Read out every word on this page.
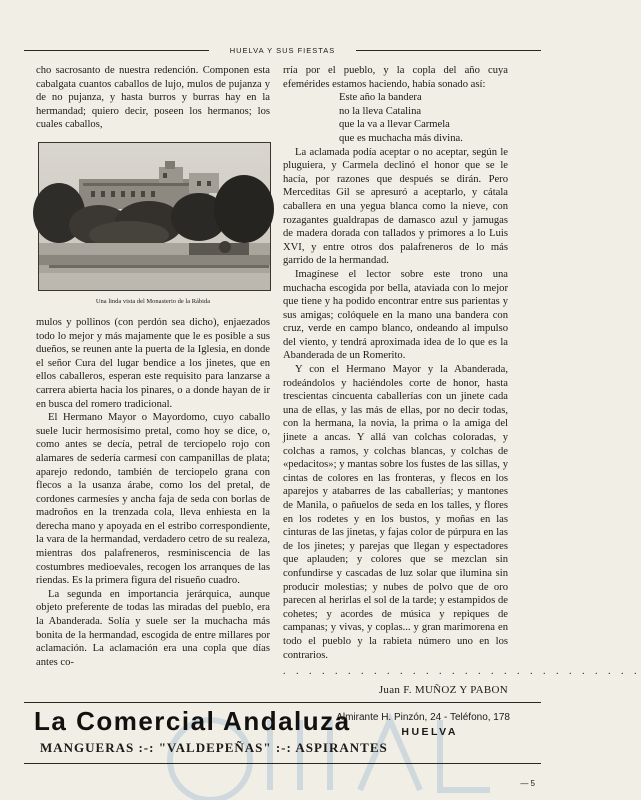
HUELVA Y SUS FIESTAS

cho sacrosanto de nuestra redención. Componen esta cabalgata cuantos caballos de lujo, mulos de pujanza y de no pujanza, y hasta burros y burras hay en la hermandad; quiero decir, poseen los hermanos; los cuales caballos,

Una linda vista del Monasterio de la Rábida

mulos y pollinos (con perdón sea dicho), enjaezados todo lo mejor y más majamente que le es posible a sus dueños, se reunen ante la puerta de la Iglesia, en donde el señor Cura del lugar bendice a los jinetes, que en ellos caballeros, esperan este requisito para lanzarse a carrera abierta hacia los pinares, o a donde hayan de ir en busca del romero tradicional.

El Hermano Mayor o Mayordomo, cuyo caballo suele lucir hermosísimo pretal, como hoy se dice, o, como antes se decía, petral de terciopelo rojo con alamares de sedería carmesí con campanillas de plata; aparejo redondo, también de terciopelo grana con flecos a la usanza árabe, como los del pretal, de cordones carmesíes y ancha faja de seda con borlas de madroños en la trenzada cola, lleva enhiesta en la derecha mano y apoyada en el estribo correspondiente, la vara de la hermandad, verdadero cetro de su realeza, mientras dos palafreneros, resminiscencia de las costumbres medioevales, recogen los arranques de las riendas. Es la primera figura del risueño cuadro.

La segunda en importancia jerárquica, aunque objeto preferente de todas las miradas del pueblo, era la Abanderada. Solía y suele ser la muchacha más bonita de la hermandad, escogida de entre millares por aclamación. La aclamación era una copla que días antes co-

rría por el pueblo, y la copla del año cuya efemérides estamos haciendo, había sonado así:

Este año la bandera
no la lleva Catalina
que la va a llevar Carmela
que es muchacha más divina.

La aclamada podía aceptar o no aceptar, según le pluguiera, y Carmela declinó el honor que se le hacía, por razones que después se dirán. Pero Merceditas Gil se apresuró a aceptarlo, y cátala caballera en una yegua blanca como la nieve, con rozagantes gualdrapas de damasco azul y jamugas de madera dorada con tallados y primores a lo Luis XVI, y entre otros dos palafreneros de lo más garrido de la hermandad.

Imagínese el lector sobre este trono una muchacha escogida por bella, ataviada con lo mejor que tiene y ha podido encontrar entre sus parientas y sus amigas; colóquele en la mano una bandera con cruz, verde en campo blanco, ondeando al impulso del viento, y tendrá aproximada idea de lo que es la Abanderada de un Romerito.

Y con el Hermano Mayor y la Abanderada, rodeándolos y haciéndoles corte de honor, hasta trescientas cincuenta caballerías con un jinete cada una de ellas, y las más de ellas, por no decir todas, con la hermana, la novia, la prima o la amiga del jinete a ancas. Y allá van colchas coloradas, y colchas a ramos, y colchas blancas, y colchas de «pedacitos»; y mantas sobre los fustes de las sillas, y cintas de colores en las fronteras, y flecos en los aparejos y atabarres de las caballerías; y mantones de Manila, o pañuelos de seda en los talles, y flores en los rodetes y en los bustos, y moñas en las cinturas de las jinetas, y fajas color de púrpura en las de los jinetes; y parejas que llegan y espectadores que aplauden; y colores que se mezclan sin confundirse y cascadas de luz solar que ilumina sin producir molestias; y nubes de polvo que de oro parecen al herirlas el sol de la tarde; y estampidos de cohetes; y acordes de música y repiques de campanas; y vivas, y coplas... y gran marimorena en todo el pueblo y la rabieta número uno en los contrarios.

. . . . . . . . . . . . . . . . . . . . . . . . . . . .
Juan F. MUÑOZ Y PABON
La Comercial Andaluza
Almirante H. Pinzón, 24 - Teléfono, 178
HUELVA
MANGUERAS :-: "VALDEPEÑAS" :-: ASPIRANTES
— 5
